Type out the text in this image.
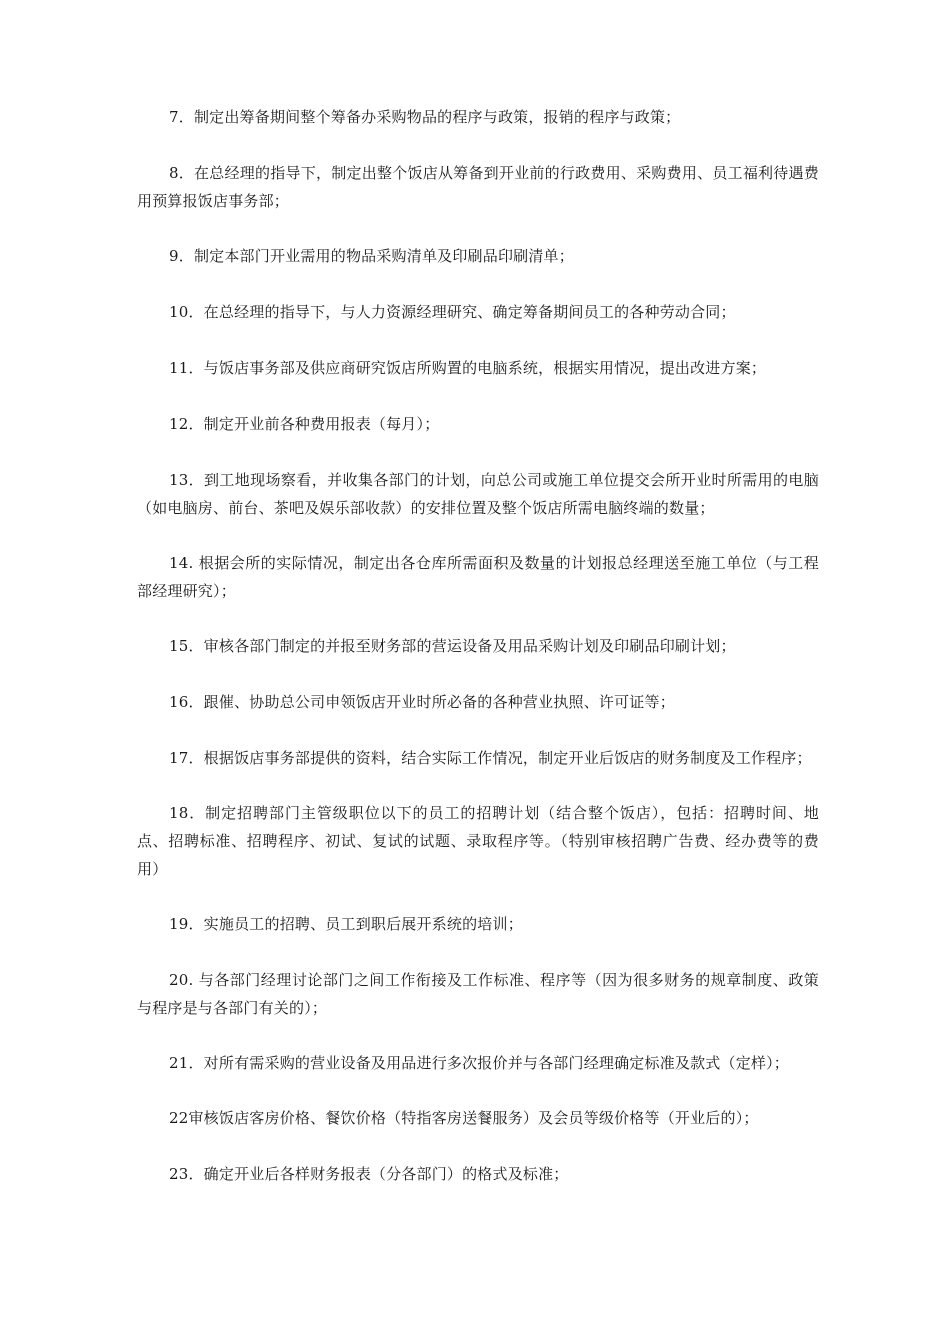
7．制定出筹备期间整个筹备办采购物品的程序与政策，报销的程序与政策；

8．在总经理的指导下，制定出整个饭店从筹备到开业前的行政费用、采购费用、员工福利待遇费用预算报饭店事务部；

9．制定本部门开业需用的物品采购清单及印刷品印刷清单；

10．在总经理的指导下，与人力资源经理研究、确定筹备期间员工的各种劳动合同；

11．与饭店事务部及供应商研究饭店所购置的电脑系统，根据实用情况，提出改进方案；

12．制定开业前各种费用报表（每月）；

13．到工地现场察看，并收集各部门的计划，向总公司或施工单位提交会所开业时所需用的电脑（如电脑房、前台、茶吧及娱乐部收款）的安排位置及整个饭店所需电脑终端的数量；

14. 根据会所的实际情况，制定出各仓库所需面积及数量的计划报总经理送至施工单位（与工程部经理研究）；

15．审核各部门制定的并报至财务部的营运设备及用品采购计划及印刷品印刷计划；

16．跟催、协助总公司申领饭店开业时所必备的各种营业执照、许可证等；

17．根据饭店事务部提供的资料，结合实际工作情况，制定开业后饭店的财务制度及工作程序；

18．制定招聘部门主管级职位以下的员工的招聘计划（结合整个饭店），包括：招聘时间、地点、招聘标准、招聘程序、初试、复试的试题、录取程序等。（特别审核招聘广告费、经办费等的费用）

19．实施员工的招聘、员工到职后展开系统的培训；

20. 与各部门经理讨论部门之间工作衔接及工作标准、程序等（因为很多财务的规章制度、政策与程序是与各部门有关的）；

21．对所有需采购的营业设备及用品进行多次报价并与各部门经理确定标准及款式（定样）；

22审核饭店客房价格、餐饮价格（特指客房送餐服务）及会员等级价格等（开业后的）；

23．确定开业后各样财务报表（分各部门）的格式及标准；
